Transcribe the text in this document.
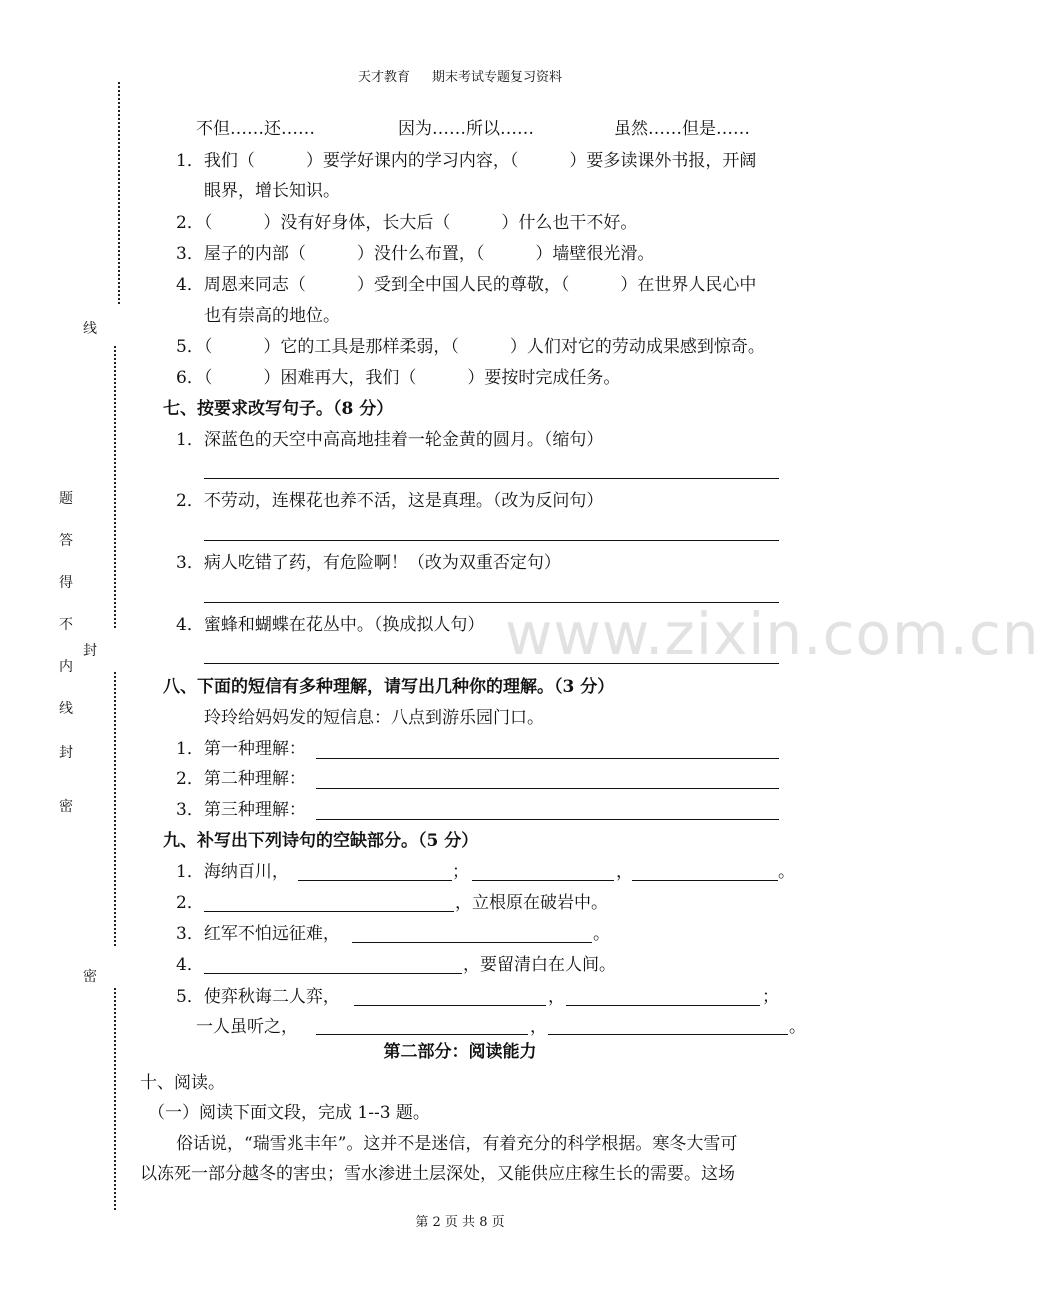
天才教育 期末考试专题复习资料
第 2 页 共 8 页
线
封
密
题
答
得
不
内
线
封
密
不但……还……	因为……所以……	虽然……但是……
1．我们（　　　）要学好课内的学习内容，（　　　）要多读课外书报，开阔
眼界，增长知识。
2．（　　　）没有好身体，长大后（　　　）什么也干不好。
3．屋子的内部（　　　）没什么布置，（　　　）墙壁很光滑。
4．周恩来同志（　　　）受到全中国人民的尊敬，（　　　）在世界人民心中
也有崇高的地位。
5．（　　　）它的工具是那样柔弱，（　　　）人们对它的劳动成果感到惊奇。
6．（　　　）困难再大，我们（　　　）要按时完成任务。
七、按要求改写句子。（8 分）
1．深蓝色的天空中高高地挂着一轮金黄的圆月。（缩句）
2．不劳动，连棵花也养不活，这是真理。（改为反问句）
3．病人吃错了药，有危险啊！（改为双重否定句）
4．蜜蜂和蝴蝶在花丛中。（换成拟人句）
八、下面的短信有多种理解，请写出几种你的理解。（3 分）
玲玲给妈妈发的短信息：八点到游乐园门口。
1．第一种理解：
2．第二种理解：
3．第三种理解：
九、补写出下列诗句的空缺部分。（5 分）
1．海纳百川，	；	，	。
2．	，立根原在破岩中。
3．红军不怕远征难，	。
4．	，要留清白在人间。
5．使弈秋诲二人弈，	，	；
一人虽听之，	，	。
第二部分：阅读能力
十、阅读。
（一）阅读下面文段，完成 1--3 题。
俗话说，“瑞雪兆丰年”。这并不是迷信，有着充分的科学根据。寒冬大雪可
以冻死一部分越冬的害虫；雪水渗进土层深处，又能供应庄稼生长的需要。这场
www.zixin.com.cn
